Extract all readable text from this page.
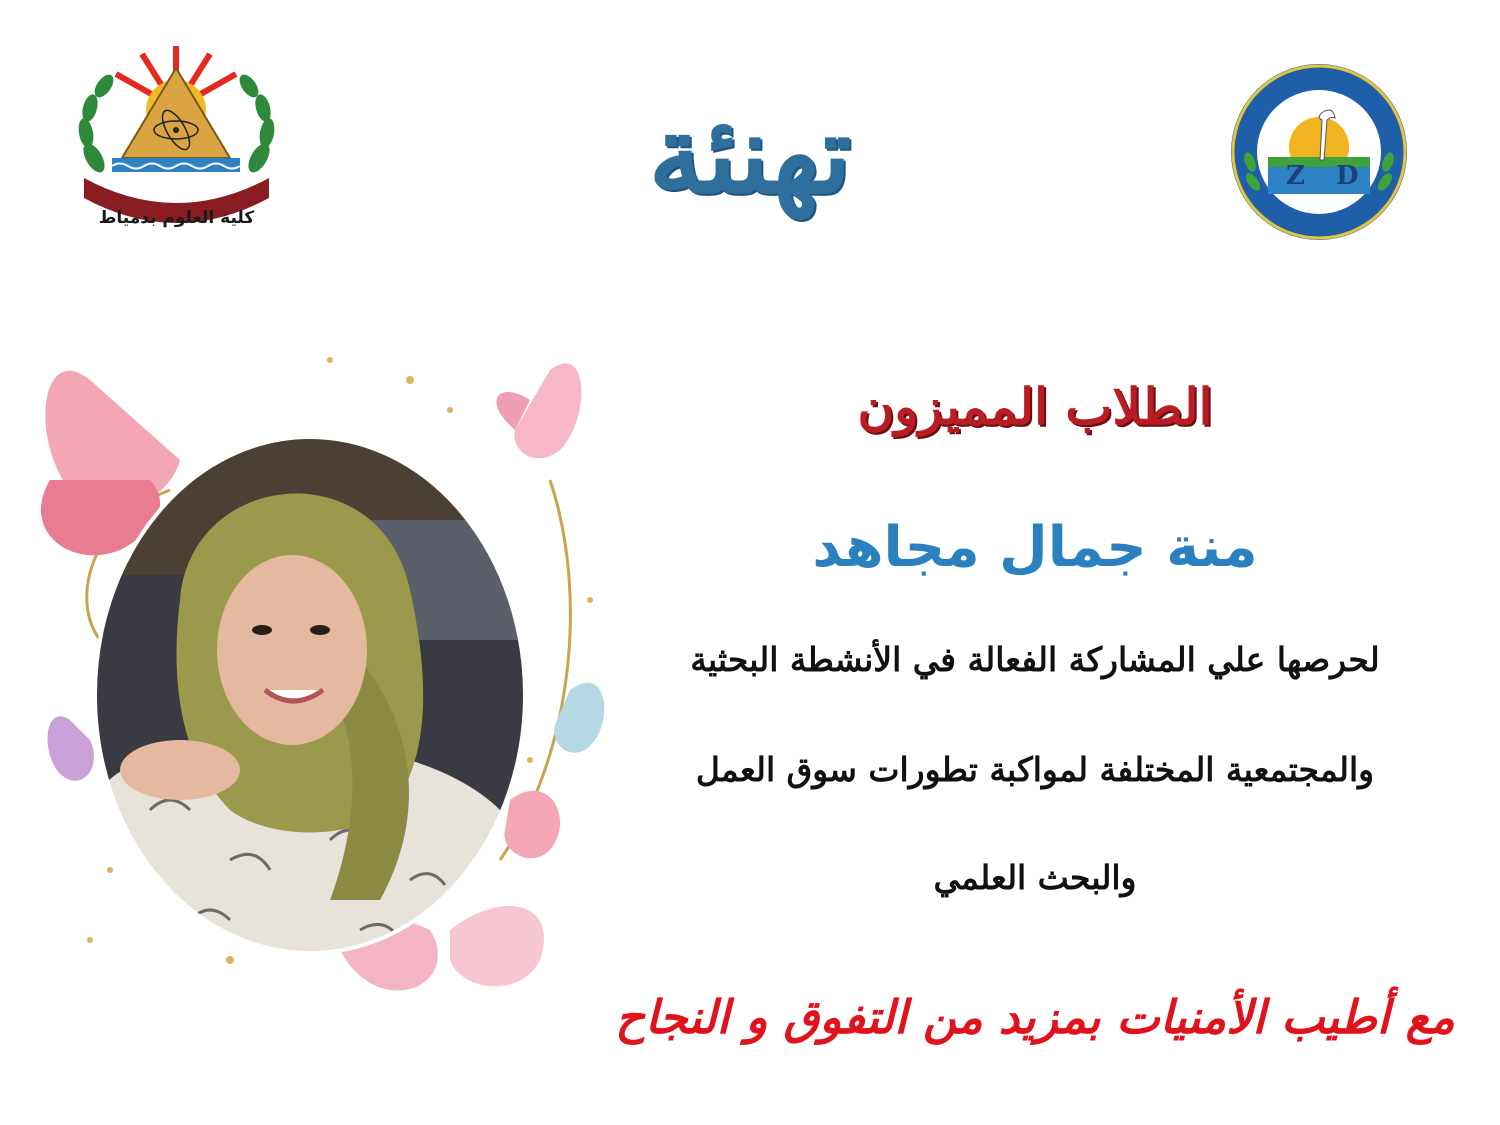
كلية العلوم بدمياط	تهنئة	Z D
الطلاب المميزون
منة جمال مجاهد
لحرصها علي المشاركة الفعالة في الأنشطة البحثية
والمجتمعية المختلفة لمواكبة تطورات سوق العمل
والبحث العلمي
مع أطيب الأمنيات بمزيد من التفوق و النجاح
